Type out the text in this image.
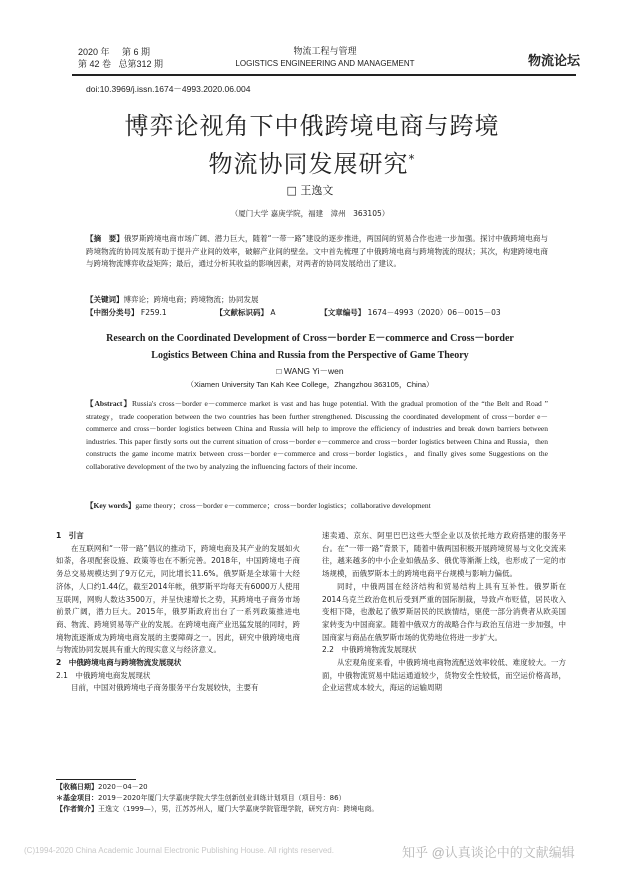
2020 年 第 6 期
第 42 卷 总第312 期
物流工程与管理
LOGISTICS ENGINEERING AND MANAGEMENT	物流论坛
doi:10.3969/j.issn.1674－4993.2020.06.004
博弈论视角下中俄跨境电商与跨境
物流协同发展研究*
□ 王逸文
（厦门大学 嘉庚学院，福建　漳州　363105）
【摘　要】俄罗斯跨境电商市场广阔、潜力巨大，随着“一带一路”建设的逐步推进，两国间的贸易合作也进一步加强。探讨中俄跨境电商与跨境物流的协同发展有助于提升产业间的效率，破解产业间的壁垒。文中首先梳理了中俄跨境电商与跨境物流的现状；其次，构建跨境电商与跨境物流博弈收益矩阵；最后，通过分析其收益的影响因素，对两者的协同发展给出了建议。
【关键词】博弈论；跨境电商；跨境物流；协同发展
【中图分类号】 F259.1	【文献标识码】 A	【文章编号】 1674－4993（2020）06－0015－03
Research on the Coordinated Development of Cross－border E－commerce and Cross－border
Logistics Between China and Russia from the Perspective of Game Theory
□ WANG Yi－wen
（Xiamen University Tan Kah Kee College，Zhangzhou 363105，China）
【Abstract】Russia's cross－border e－commerce market is vast and has huge potential. With the gradual promotion of the “the Belt and Road ” strategy，trade cooperation between the two countries has been further strengthened. Discussing the coordinated development of cross－border e－commerce and cross－border logistics between China and Russia will help to improve the efficiency of industries and break down barriers between industries. This paper firstly sorts out the current situation of cross－border e－commerce and cross－border logistics between China and Russia，then constructs the game income matrix between cross－border e－commerce and cross－border logistics，and finally gives some Suggestions on the collaborative development of the two by analyzing the influencing factors of their income.
【Key words】game theory；cross－border e－commerce；cross－border logistics；collaborative development

1　引言

在互联网和“一带一路”倡议的推动下，跨境电商及其产业的发展如火如荼，各项配套设施、政策等也在不断完善。2018年，中国跨境电子商务总交易规模达到了9万亿元，同比增长11.6%。俄罗斯是全球第十大经济体，人口约1.44亿，截至2014年帐，俄罗斯平均每天有6000万人使用互联网，网购人数达3500万，并呈快速增长之势，其跨境电子商务市场前景广阔，潜力巨大。2015年，俄罗斯政府出台了一系列政策推进电商、物流、跨境贸易等产业的发展。在跨境电商产业迅猛发展的同时，跨境物流逐渐成为跨境电商发展的主要障碍之一。因此，研究中俄跨境电商与物流协同发展具有重大的现实意义与经济意义。

2　中俄跨境电商与跨境物流发展现状

2.1　中俄跨境电商发展现状

目前，中国对俄跨境电子商务服务平台发展较快，主要有

速卖通、京东、阿里巴巴这些大型企业以及依托地方政府搭建的服务平台。在“一带一路”背景下，随着中俄两国积极开展跨境贸易与文化交流来往，越来越多的中小企业如俄品多、俄优等渐渐上线，也形成了一定的市场规模，而俄罗斯本土的跨境电商平台规模与影响力偏低。

同时，中俄两国在经济结构和贸易结构上具有互补性。俄罗斯在2014乌克兰政治危机后受到严重的国际制裁，导致卢布贬值，居民收入变相下降，也激起了俄罗斯居民的民族情结，驱使一部分消费者从欧美国家转变为中国商家。随着中俄双方的战略合作与政治互信进一步加强，中国商家与商品在俄罗斯市场的优势地位将进一步扩大。

2.2　中俄跨境物流发展现状

从宏观角度来看，中俄跨境电商物流配送效率较低、难度较大。一方面，中俄物流贸易中陆运通道较少，货物安全性较低，而空运价格高昂，企业运营成本较大，海运的运输周期

【收稿日期】2020－04－20
＊基金项目：2019－2020年厦门大学嘉庚学院大学生创新创业训练计划项目（项目号：86）
【作者简介】王逸文（1999—），男，江苏苏州人，厦门大学嘉庚学院管理学院，研究方向：跨境电商。
(C)1994-2020 China Academic Journal Electronic Publishing House. All rights reserved.	知乎 @认真谈论中的文献编辑
